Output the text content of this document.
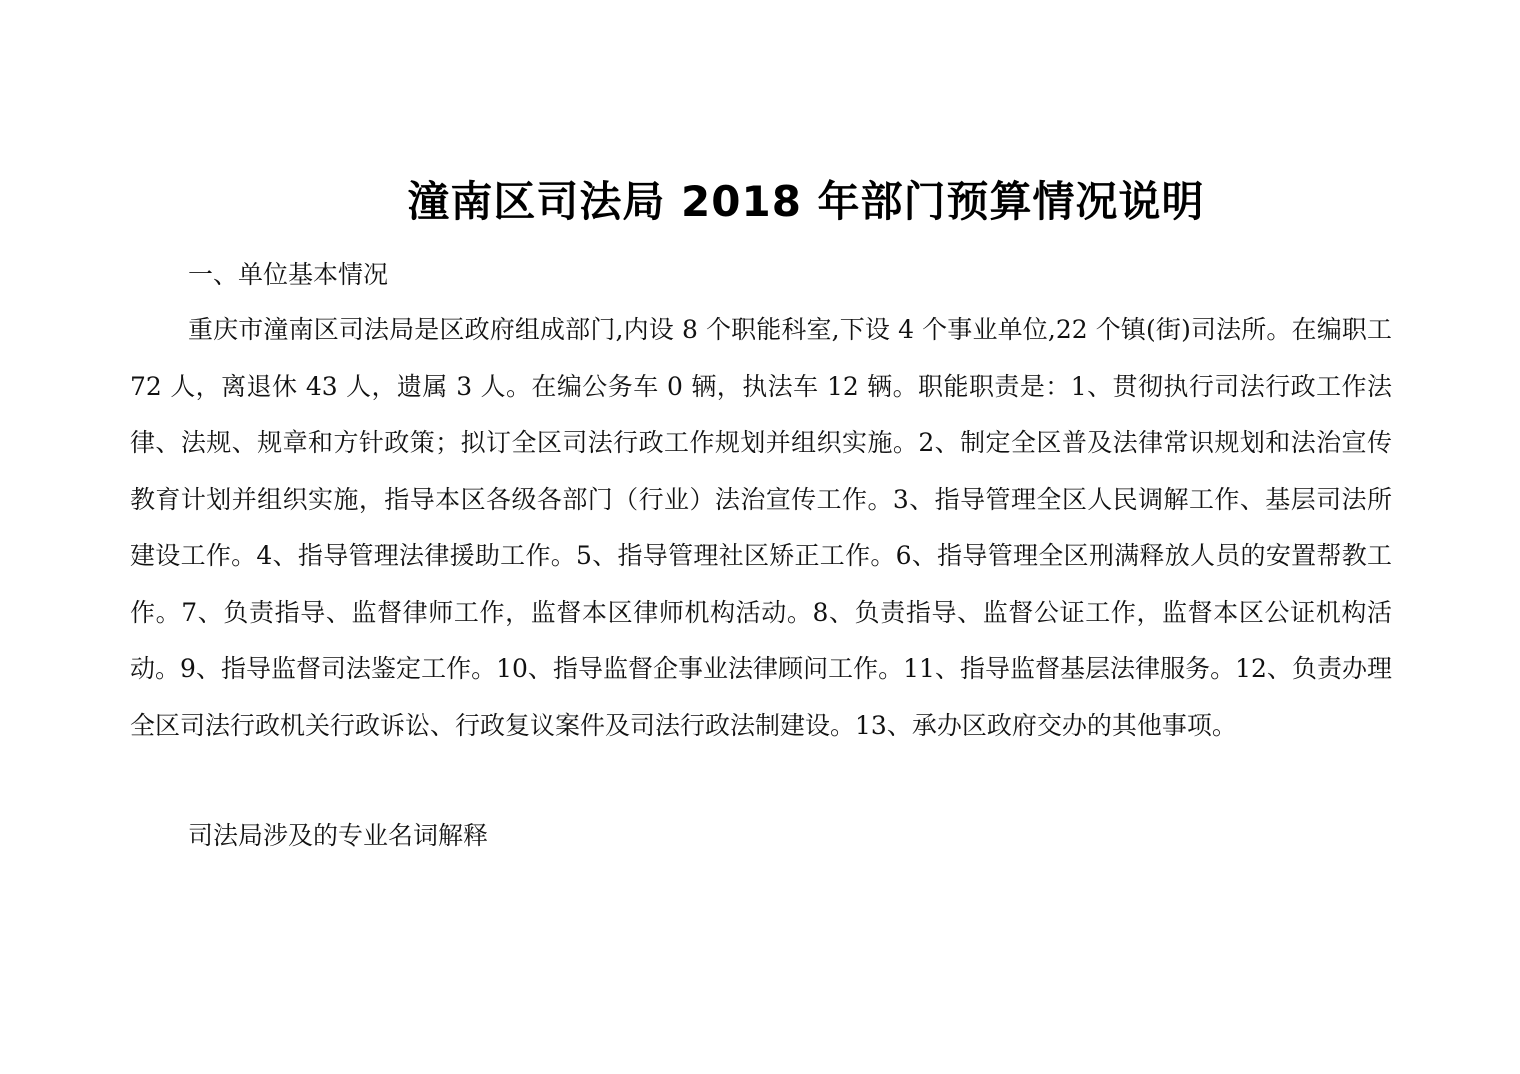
潼南区司法局 2018 年部门预算情况说明
一、单位基本情况

重庆市潼南区司法局是区政府组成部门,内设 8 个职能科室,下设 4 个事业单位,22 个镇(街)司法所。在编职工 72 人，离退休 43 人，遗属 3 人。在编公务车 0 辆，执法车 12 辆。职能职责是：1、贯彻执行司法行政工作法律、法规、规章和方针政策；拟订全区司法行政工作规划并组织实施。2、制定全区普及法律常识规划和法治宣传教育计划并组织实施，指导本区各级各部门（行业）法治宣传工作。3、指导管理全区人民调解工作、基层司法所建设工作。4、指导管理法律援助工作。5、指导管理社区矫正工作。6、指导管理全区刑满释放人员的安置帮教工作。7、负责指导、监督律师工作，监督本区律师机构活动。8、负责指导、监督公证工作，监督本区公证机构活动。9、指导监督司法鉴定工作。10、指导监督企事业法律顾问工作。11、指导监督基层法律服务。12、负责办理全区司法行政机关行政诉讼、行政复议案件及司法行政法制建设。13、承办区政府交办的其他事项。

司法局涉及的专业名词解释
